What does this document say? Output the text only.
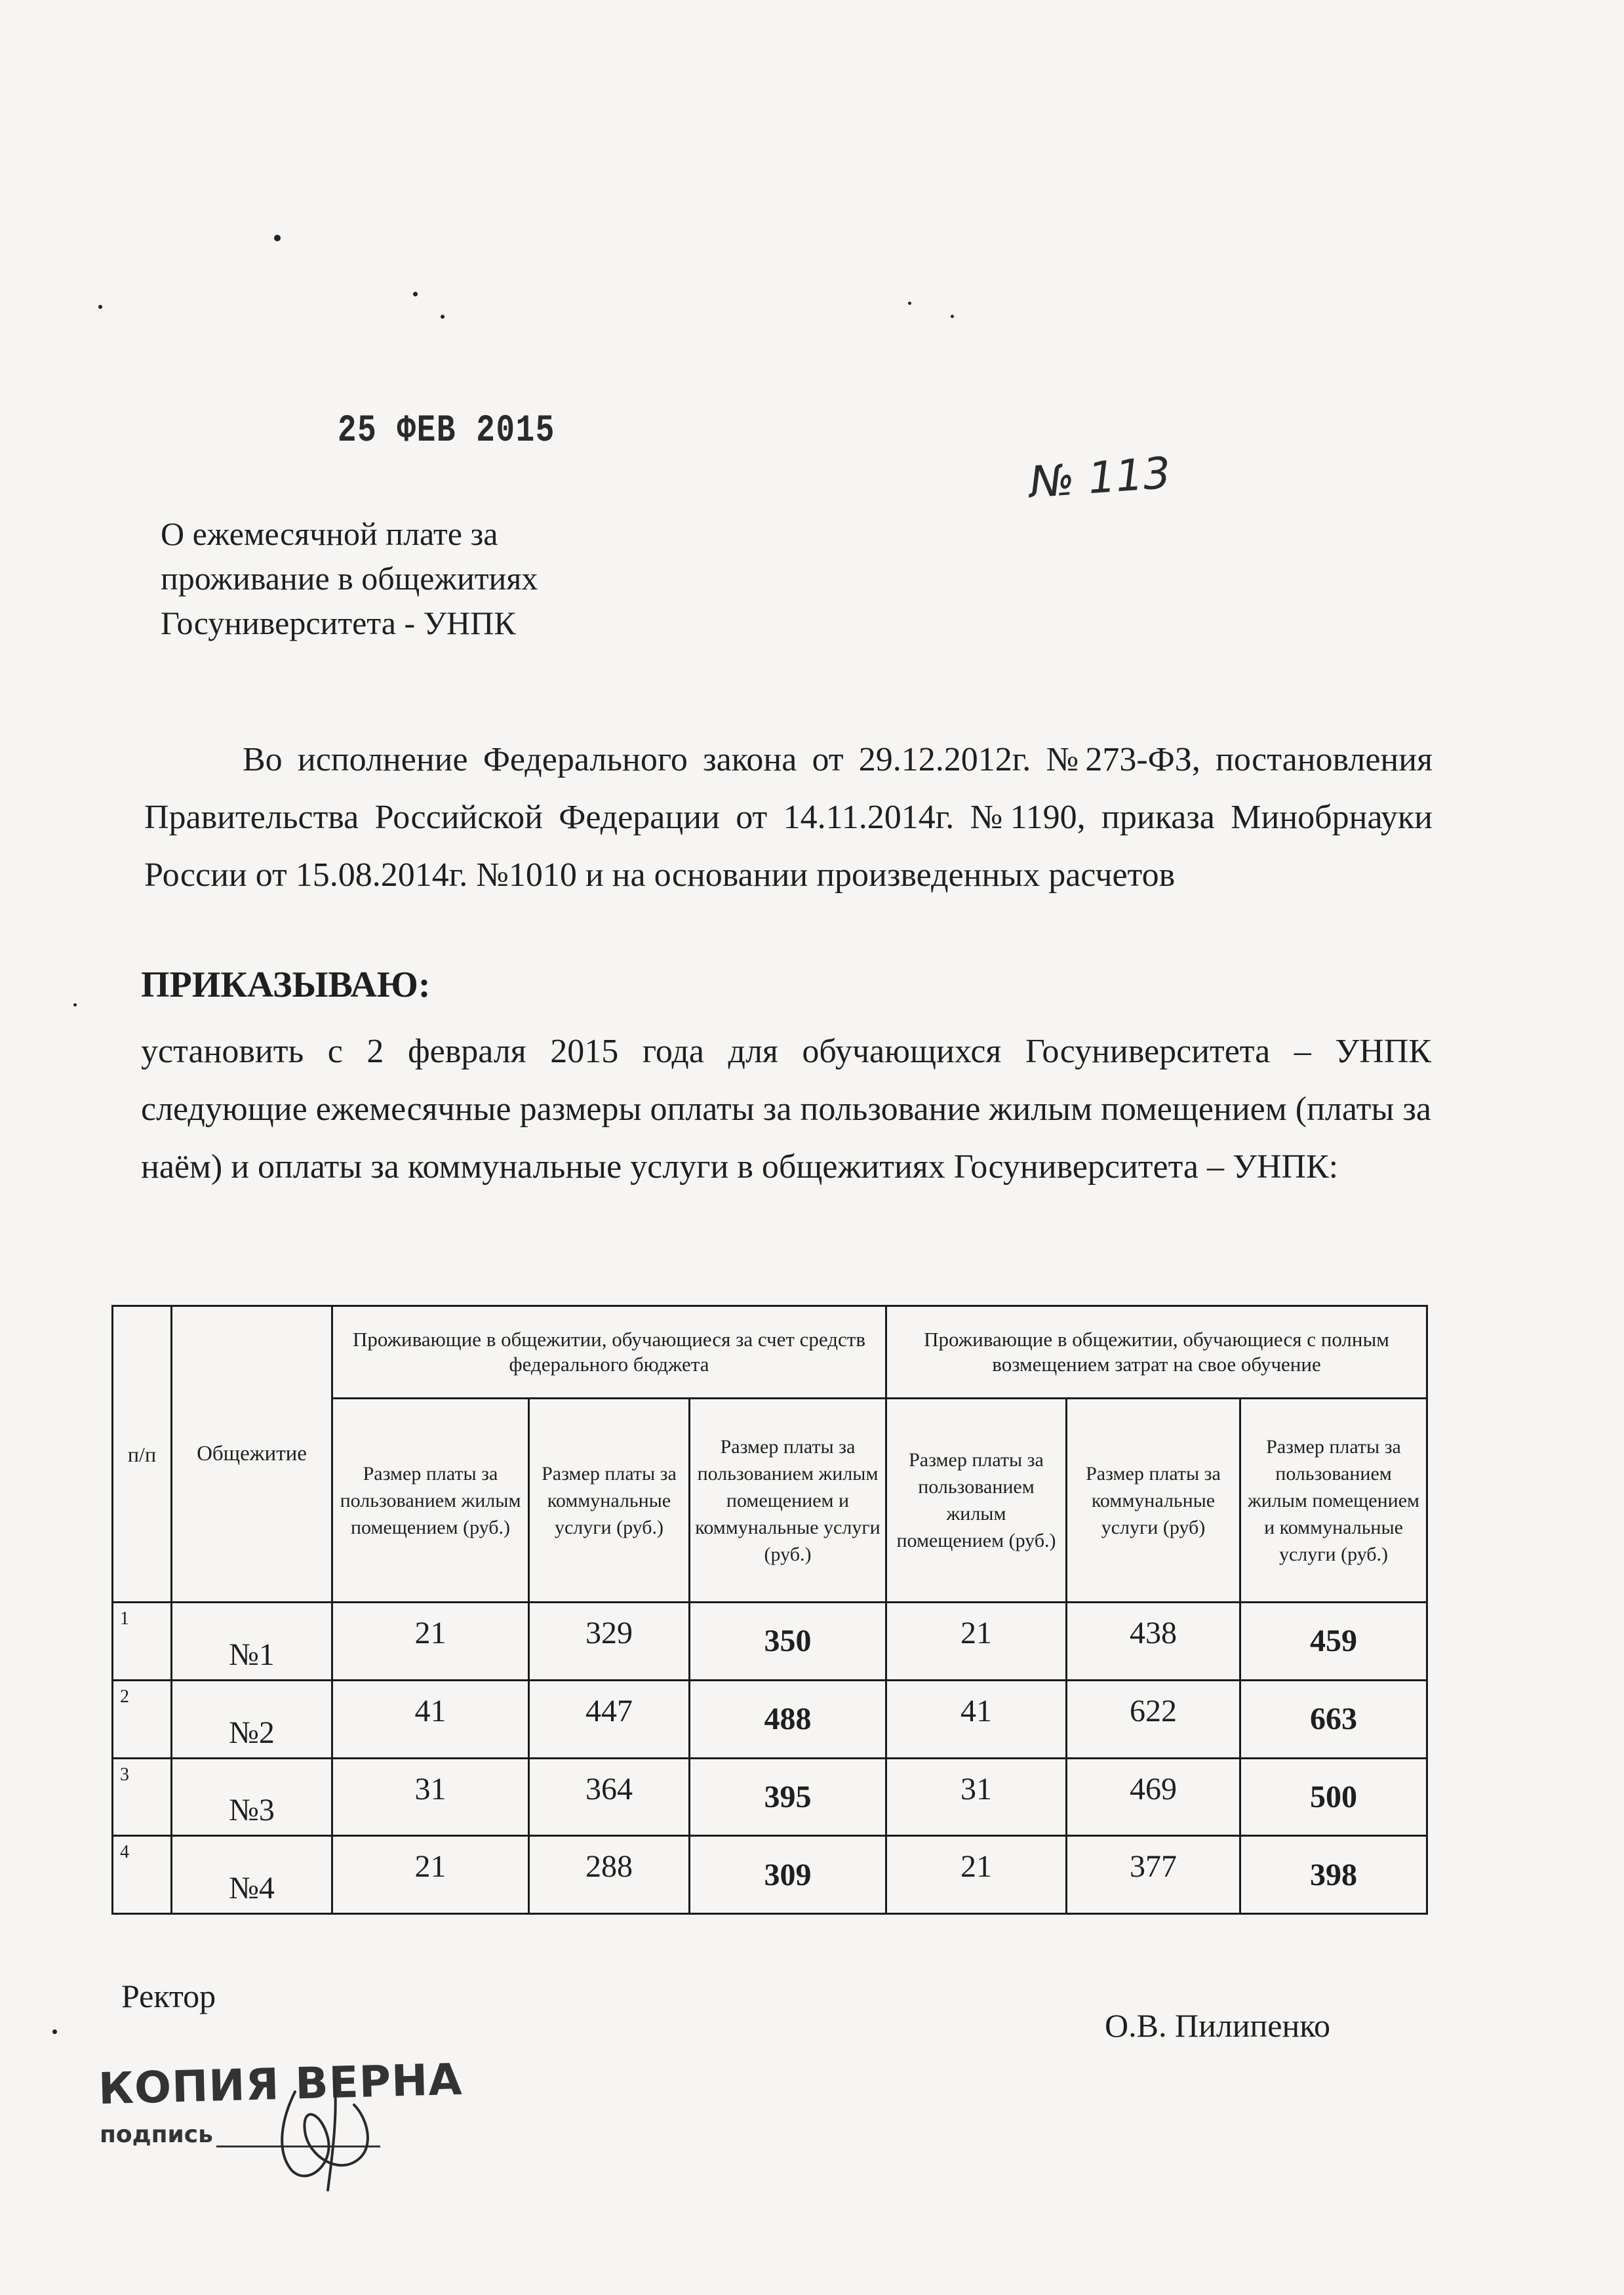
25 ФЕВ 2015
№ 113
О ежемесячной плате за
проживание в общежитиях
Госуниверситета - УНПК
Во исполнение Федерального закона от 29.12.2012г. №273-ФЗ, постановления Правительства Российской Федерации от 14.11.2014г. №1190, приказа Минобрнауки России от 15.08.2014г. №1010 и на основании произведенных расчетов
ПРИКАЗЫВАЮ:
установить с 2 февраля 2015 года для обучающихся Госуниверситета – УНПК следующие ежемесячные размеры оплаты за пользование жилым помещением (платы за наём) и оплаты за коммунальные услуги в общежитиях Госуниверситета – УНПК:
п/п	Общежитие	Проживающие в общежитии, обучающиеся за счет средств федерального бюджета			Проживающие в общежитии, обучающиеся с полным возмещением затрат на свое обучение		
		Размер платы за пользованием жилым помещением (руб.)	Размер платы за коммунальные услуги (руб.)	Размер платы за пользованием жилым помещением и коммунальные услуги (руб.)	Размер платы за пользованием жилым помещением (руб.)	Размер платы за коммунальные услуги (руб)	Размер платы за пользованием жилым помещением и коммунальные услуги (руб.)
1	№1	21	329	350	21	438	459
2	№2	41	447	488	41	622	663
3	№3	31	364	395	31	469	500
4	№4	21	288	309	21	377	398
Ректор
О.В. Пилипенко
КОПИЯ ВЕРНА
подпись
